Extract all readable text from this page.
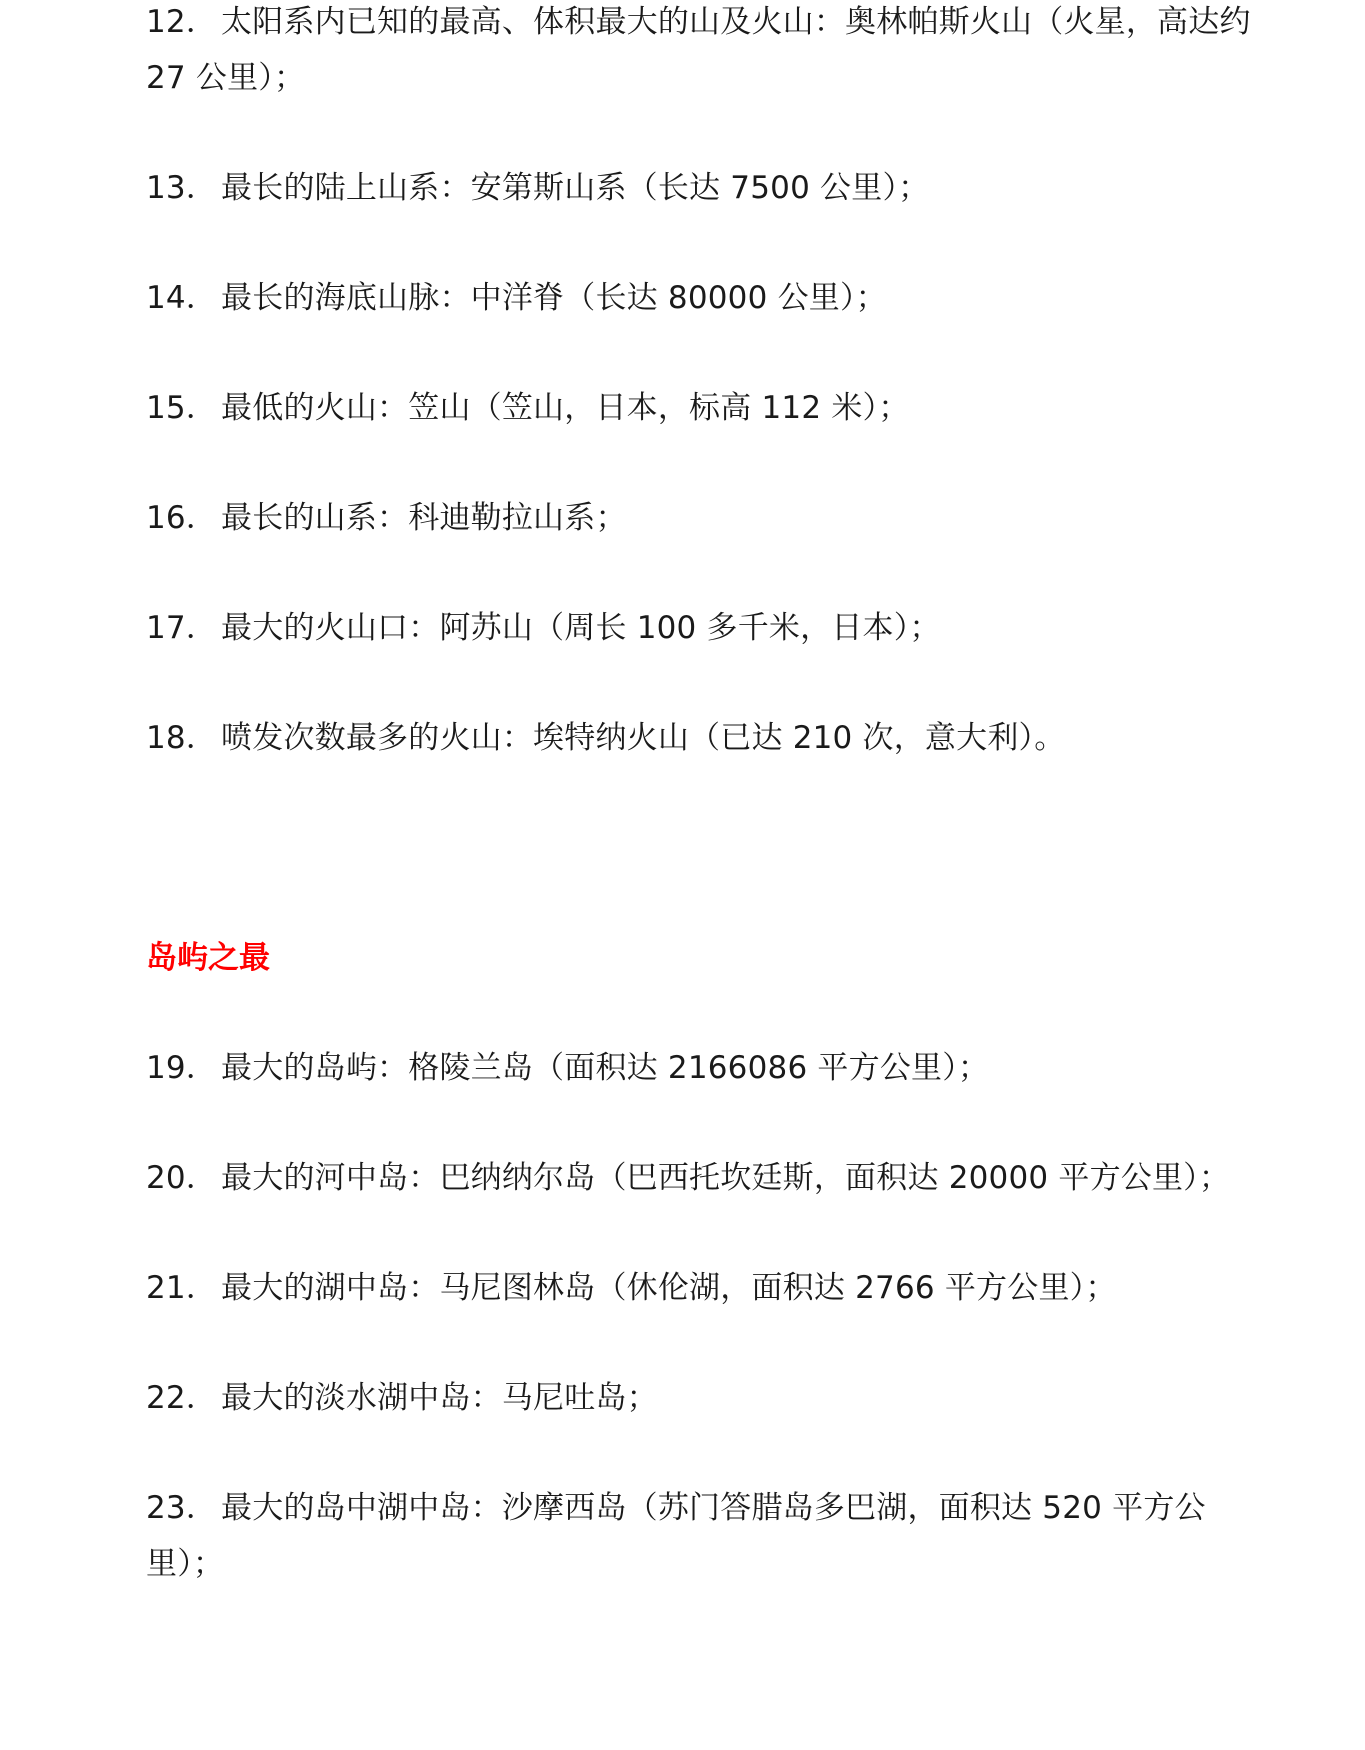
12． 太阳系内已知的最高、体积最大的山及火山：奥林帕斯火山（火星，高达约 27 公里）；

13． 最长的陆上山系：安第斯山系（长达 7500 公里）；

14． 最长的海底山脉：中洋脊（长达 80000 公里）；

15． 最低的火山：笠山（笠山，日本，标高 112 米）；

16． 最长的山系：科迪勒拉山系；

17． 最大的火山口：阿苏山（周长 100 多千米，日本）；

18． 喷发次数最多的火山：埃特纳火山（已达 210 次，意大利）。

岛屿之最

19． 最大的岛屿：格陵兰岛（面积达 2166086 平方公里）；

20． 最大的河中岛：巴纳纳尔岛（巴西托坎廷斯，面积达 20000 平方公里）；

21． 最大的湖中岛：马尼图林岛（休伦湖，面积达 2766 平方公里）；

22． 最大的淡水湖中岛：马尼吐岛；

23． 最大的岛中湖中岛：沙摩西岛（苏门答腊岛多巴湖，面积达 520 平方公里）；
